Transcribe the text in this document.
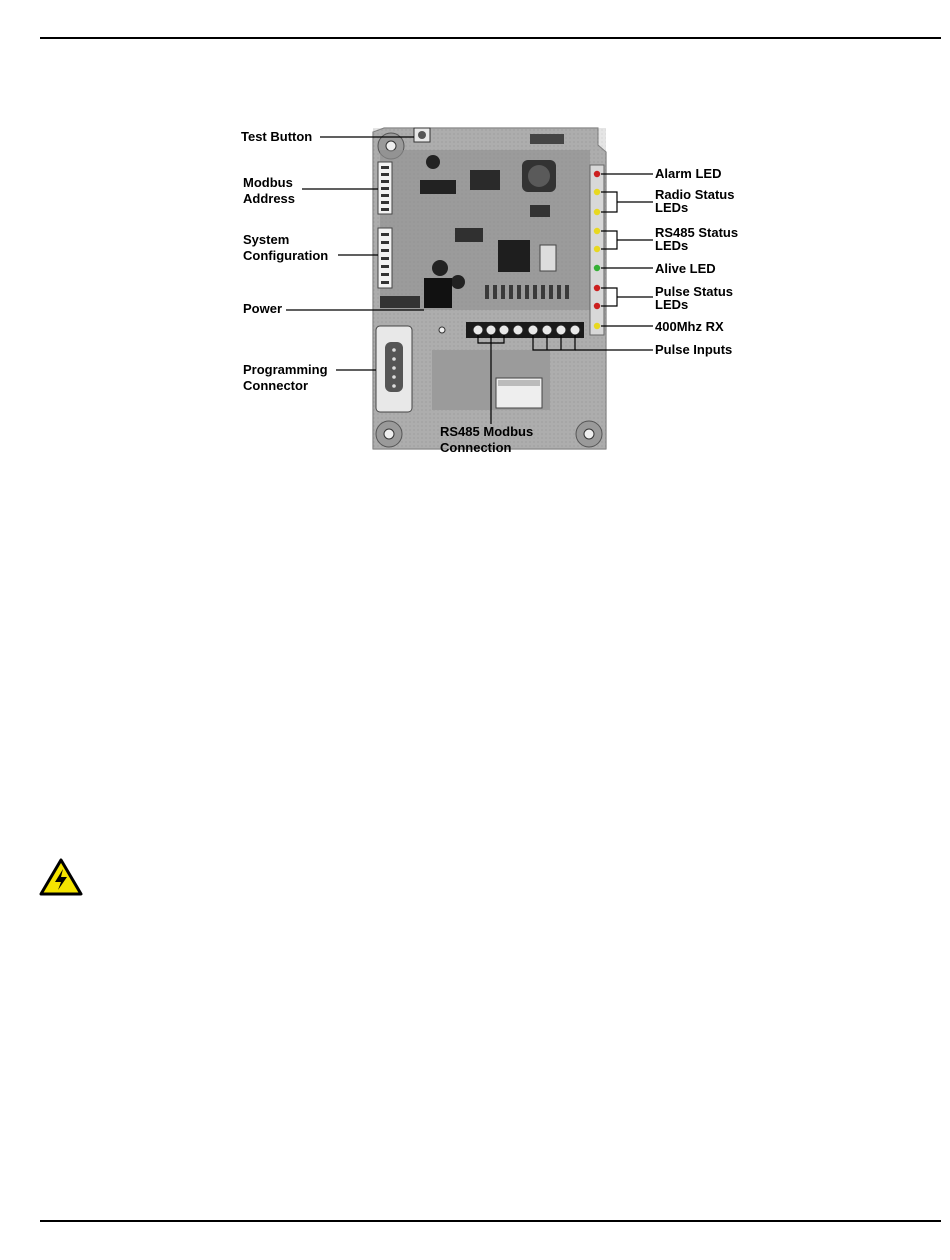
Test Button
Modbus
Address
System
Configuration
Power
Programming
Connector
RS485 Modbus
Connection
Alarm LED
Radio Status
LEDs
RS485 Status
LEDs
Alive LED
Pulse Status
LEDs
400Mhz RX
Pulse Inputs
